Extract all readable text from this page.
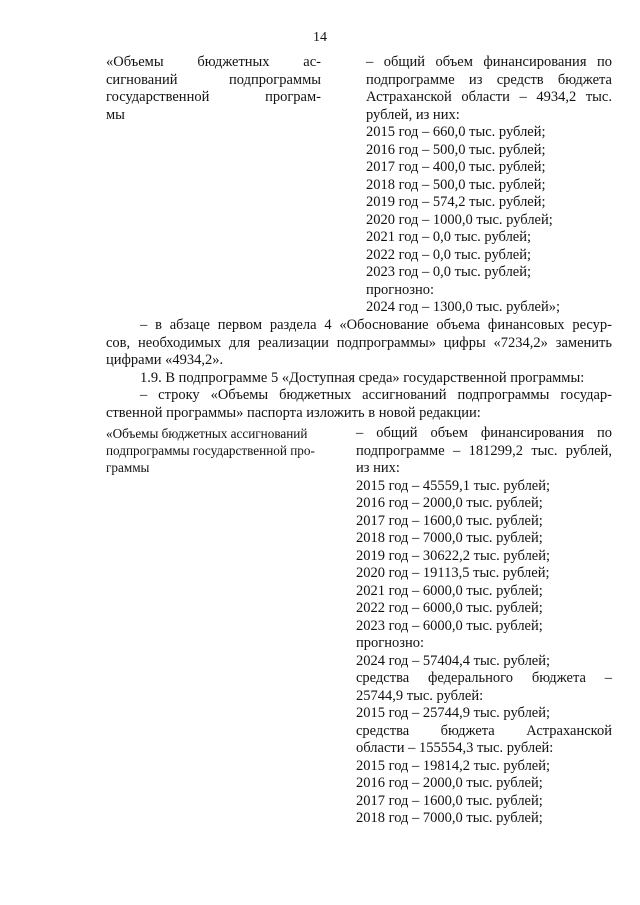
14
«Объемы бюджетных ас-
сигнований подпрограммы
государственной програм-
мы
– общий объем финансирования по
подпрограмме из средств бюджета
Астраханской области – 4934,2 тыс.
рублей, из них:
2015 год – 660,0 тыс. рублей;
2016 год – 500,0 тыс. рублей;
2017 год – 400,0 тыс. рублей;
2018 год – 500,0 тыс. рублей;
2019 год – 574,2 тыс. рублей;
2020 год – 1000,0 тыс. рублей;
2021 год – 0,0 тыс. рублей;
2022 год – 0,0 тыс. рублей;
2023 год – 0,0 тыс. рублей;
прогнозно:
2024 год – 1300,0 тыс. рублей»;
– в абзаце первом раздела 4 «Обоснование объема финансовых ресур-
сов, необходимых для реализации подпрограммы» цифры «7234,2» заменить
цифрами «4934,2».
1.9. В подпрограмме 5 «Доступная среда» государственной программы:
– строку «Объемы бюджетных ассигнований подпрограммы государ-
ственной программы» паспорта изложить в новой редакции:
«Объемы бюджетных ассигнований
подпрограммы государственной про-
граммы
– общий объем финансирования по
подпрограмме – 181299,2 тыс. рублей,
из них:
2015 год – 45559,1 тыс. рублей;
2016 год – 2000,0 тыс. рублей;
2017 год – 1600,0 тыс. рублей;
2018 год – 7000,0 тыс. рублей;
2019 год – 30622,2 тыс. рублей;
2020 год – 19113,5 тыс. рублей;
2021 год – 6000,0 тыс. рублей;
2022 год – 6000,0 тыс. рублей;
2023 год – 6000,0 тыс. рублей;
прогнозно:
2024 год – 57404,4 тыс. рублей;
средства федерального бюджета –
25744,9 тыс. рублей:
2015 год – 25744,9 тыс. рублей;
средства бюджета Астраханской
области – 155554,3 тыс. рублей:
2015 год – 19814,2 тыс. рублей;
2016 год – 2000,0 тыс. рублей;
2017 год – 1600,0 тыс. рублей;
2018 год – 7000,0 тыс. рублей;
